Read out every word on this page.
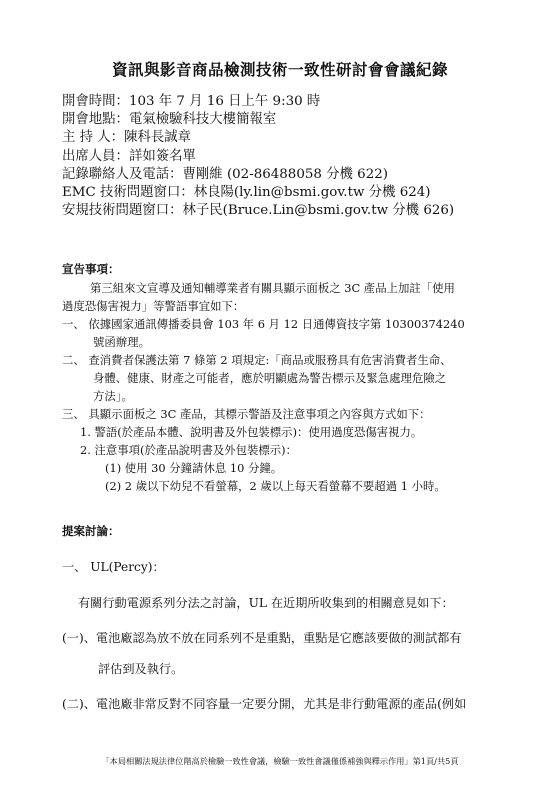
資訊與影音商品檢測技術一致性研討會會議紀錄
開會時間：103 年 7 月 16 日上午 9:30 時
開會地點：電氣檢驗科技大樓簡報室
主 持 人：陳科長誠章
出席人員：詳如簽名單
記錄聯絡人及電話：曹剛維 (02-86488058 分機 622)
EMC 技術問題窗口：林良陽(ly.lin@bsmi.gov.tw 分機 624)
安規技術問題窗口：林子民(Bruce.Lin@bsmi.gov.tw 分機 626)
宣告事項：
第三組來文宣導及通知輔導業者有關具顯示面板之 3C 產品上加註「使用
過度恐傷害視力」等警語事宜如下：
一、 依據國家通訊傳播委員會 103 年 6 月 12 日通傳資技字第 10300374240
號函辦理。
二、 查消費者保護法第 7 條第 2 項規定:「商品或服務具有危害消費者生命、
身體、健康、財產之可能者，應於明顯處為警告標示及緊急處理危險之
方法」。
三、 具顯示面板之 3C 產品，其標示警語及注意事項之內容與方式如下：
1. 警語(於產品本體、說明書及外包裝標示)：使用過度恐傷害視力。
2. 注意事項(於產品說明書及外包裝標示)：
(1) 使用 30 分鐘請休息 10 分鐘。
(2) 2 歲以下幼兒不看螢幕，2 歲以上每天看螢幕不要超過 1 小時。
提案討論：
一、 UL(Percy)：
有關行動電源系列分法之討論，UL 在近期所收集到的相關意見如下：
(一)、電池廠認為放不放在同系列不是重點，重點是它應該要做的測試都有
評估到及執行。
(二)、電池廠非常反對不同容量一定要分開，尤其是非行動電源的產品(例如
「本局相關法規法律位階高於檢驗一致性會議，檢驗一致性會議僅係補強與釋示作用」第1頁/共5頁
